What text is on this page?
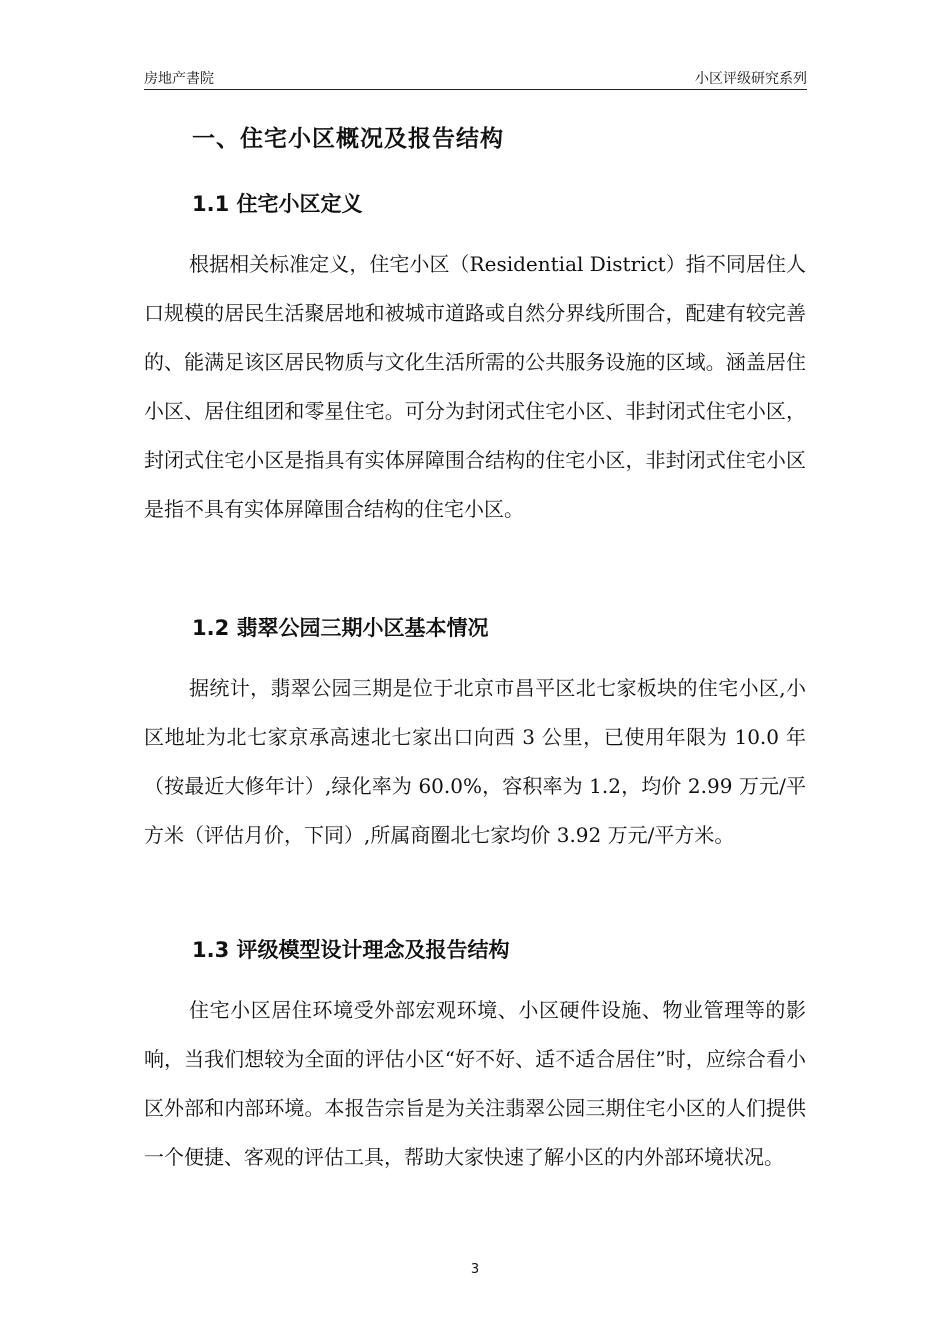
房地产書院	小区评级研究系列
一、住宅小区概况及报告结构
1.1 住宅小区定义

根据相关标准定义，住宅小区（Residential District）指不同居住人口规模的居民生活聚居地和被城市道路或自然分界线所围合，配建有较完善的、能满足该区居民物质与文化生活所需的公共服务设施的区域。涵盖居住小区、居住组团和零星住宅。可分为封闭式住宅小区、非封闭式住宅小区，封闭式住宅小区是指具有实体屏障围合结构的住宅小区，非封闭式住宅小区是指不具有实体屏障围合结构的住宅小区。

1.2 翡翠公园三期小区基本情况

据统计，翡翠公园三期是位于北京市昌平区北七家板块的住宅小区,小区地址为北七家京承高速北七家出口向西 3 公里，已使用年限为 10.0 年（按最近大修年计）,绿化率为 60.0%，容积率为 1.2，均价 2.99 万元/平方米（评估月价，下同）,所属商圈北七家均价 3.92 万元/平方米。

1.3 评级模型设计理念及报告结构

住宅小区居住环境受外部宏观环境、小区硬件设施、物业管理等的影响，当我们想较为全面的评估小区“好不好、适不适合居住”时，应综合看小区外部和内部环境。本报告宗旨是为关注翡翠公园三期住宅小区的人们提供一个便捷、客观的评估工具，帮助大家快速了解小区的内外部环境状况。

3
